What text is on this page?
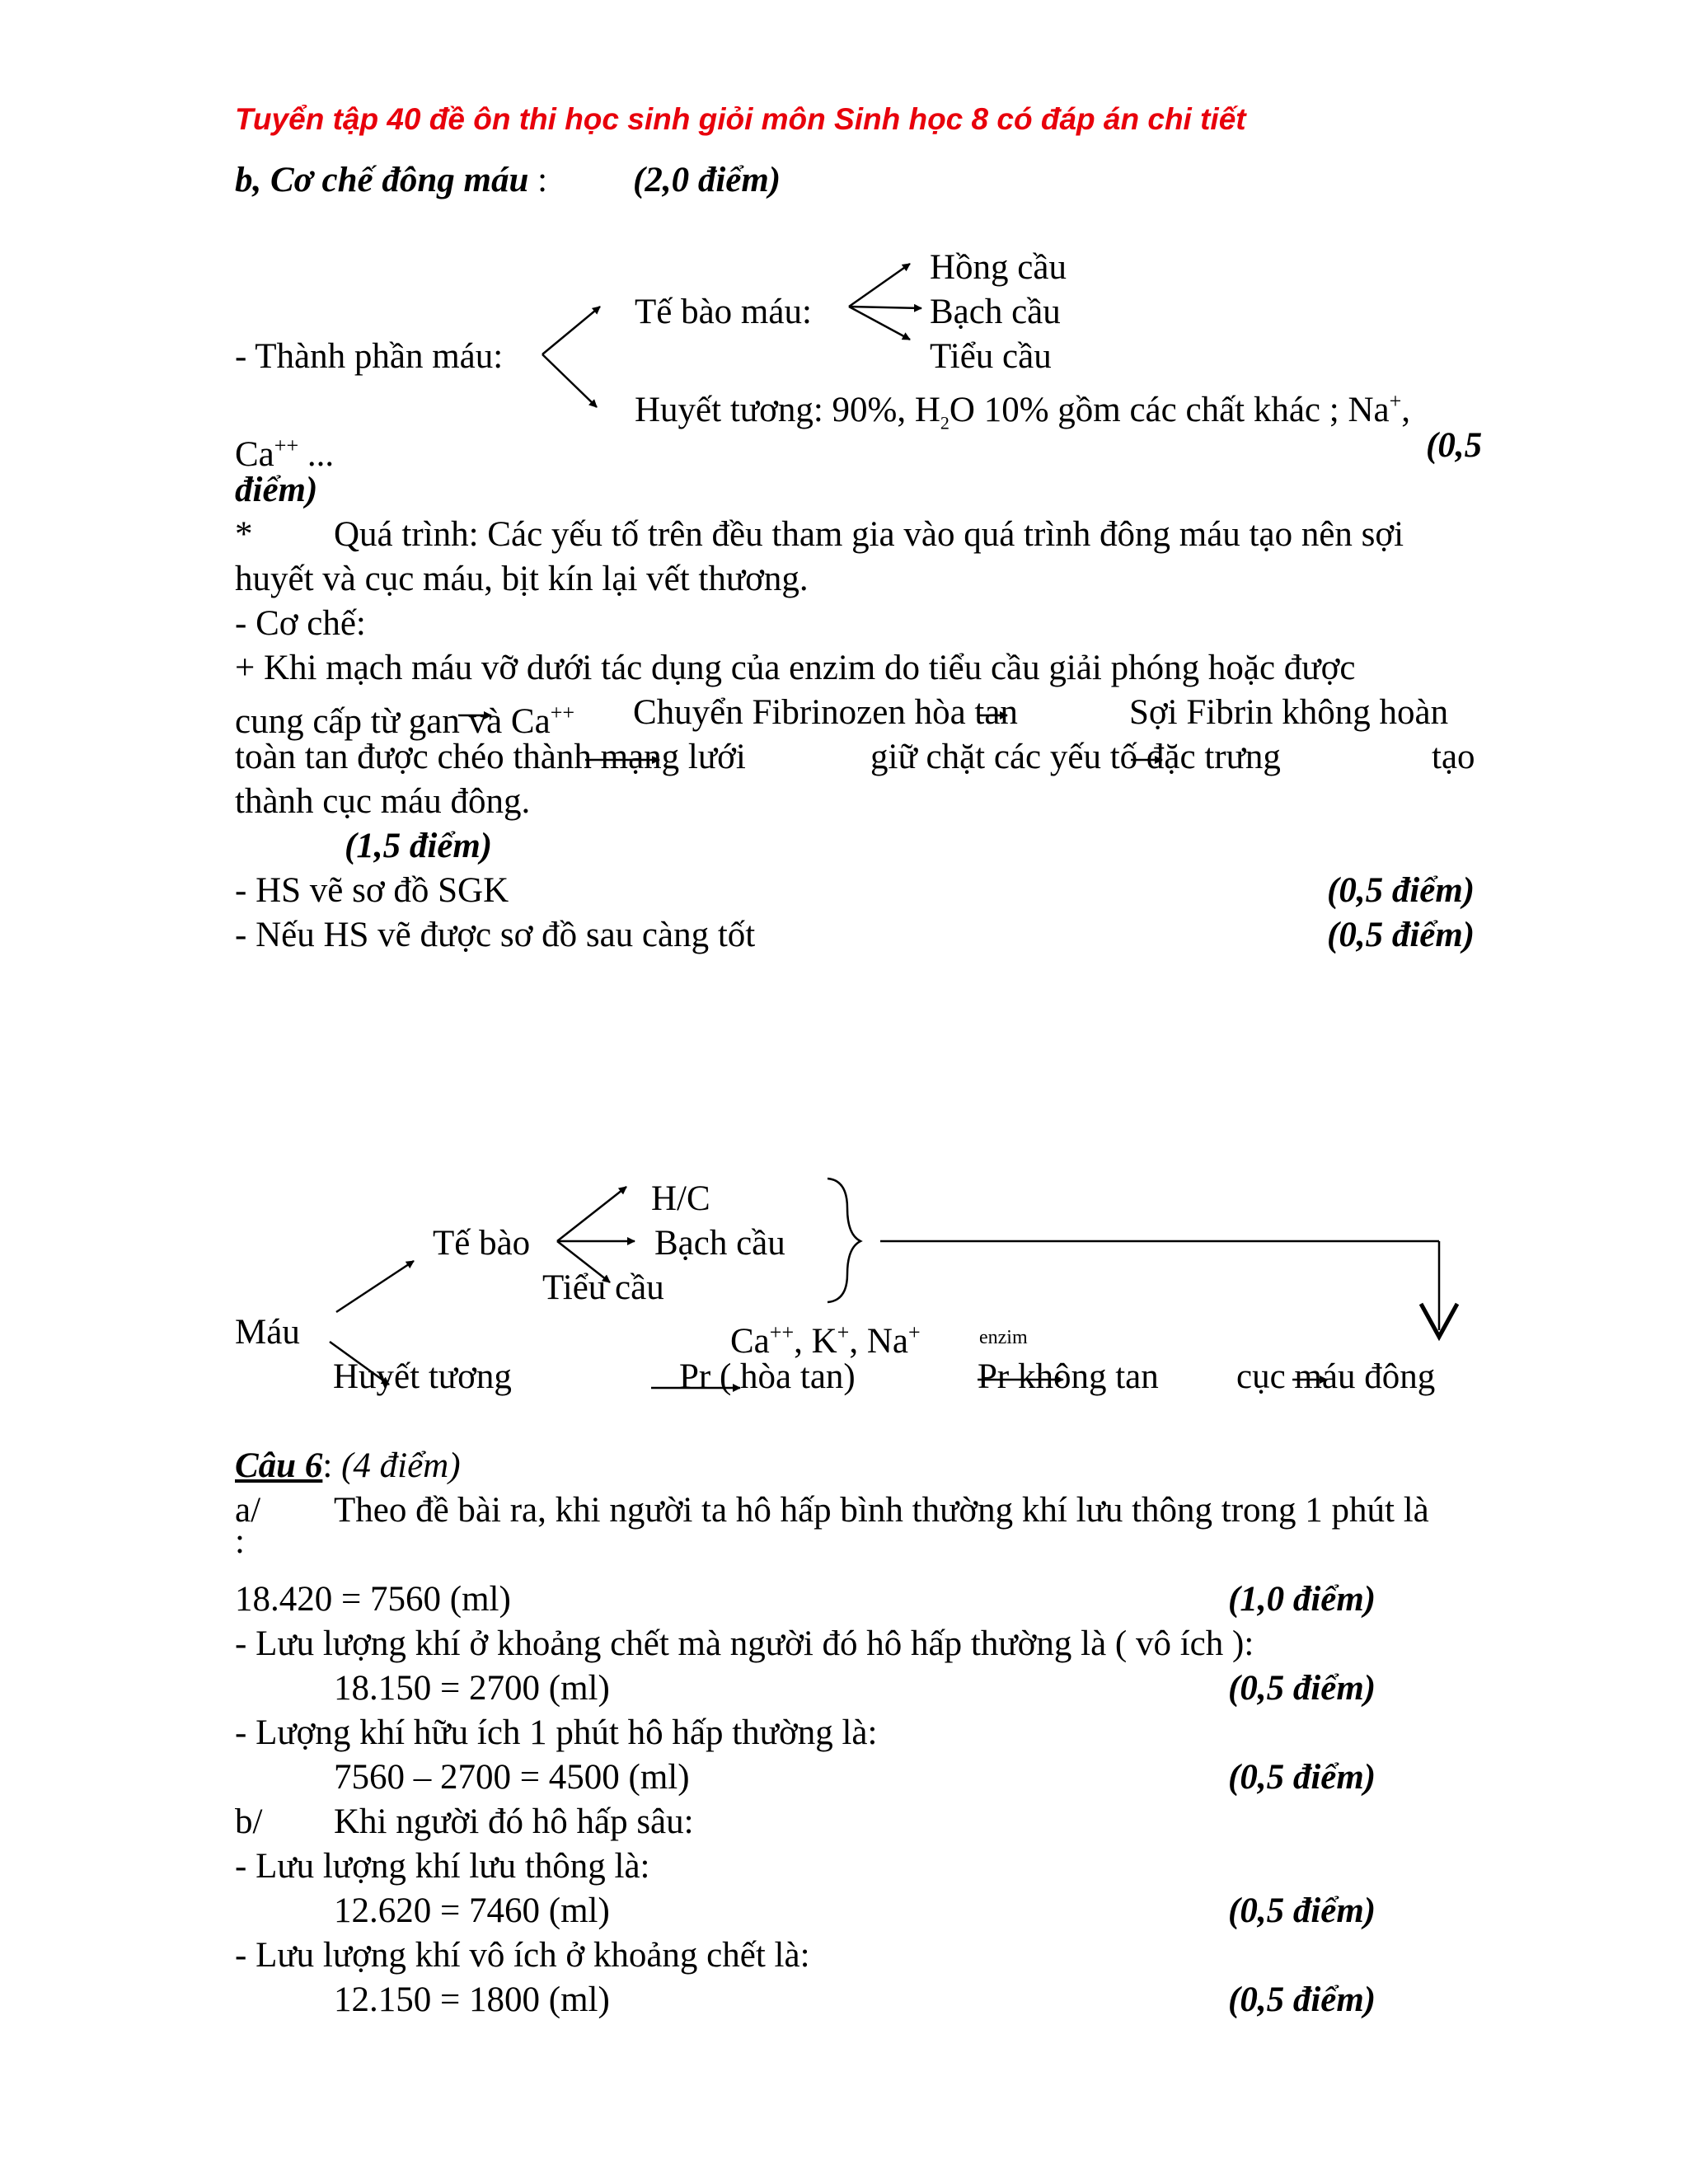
Tuyển tập 40 đề ôn thi học sinh giỏi môn Sinh học 8 có đáp án chi tiết
b, Cơ chế đông máu : (2,0 điểm)
Hồng cầu
Tế bào máu:	Bạch cầu
- Thành phần máu:	Tiểu cầu
Huyết tương: 90%, $H_2O$ 10% gồm các chất khác ; Na+,
Ca++ ...	(0,5
điểm)
* Quá trình: Các yếu tố trên đều tham gia vào quá trình đông máu tạo nên sợi
huyết và cục máu, bịt kín lại vết thương.
- Cơ chế:
+ Khi mạch máu vỡ dưới tác dụng của enzim do tiểu cầu giải phóng hoặc được
cung cấp từ gan và Ca++ Chuyển Fibrinozen hòa tan	Sợi Fibrin không hoàn
toàn tan được chéo thành mạng lưới	giữ chặt các yếu tố đặc trưng	tạo
thành cục máu đông.
(1,5 điểm)
- HS vẽ sơ đồ SGK	(0,5 điểm)
- Nếu HS vẽ được sơ đồ sau càng tốt	(0,5 điểm)
H/C
Tế bào	Bạch cầu
Tiểu cầu
Máu	Ca++, K+, Na+	enzim
Huyết tương	Pr ( hòa tan)	Pr không tan cục máu đông
Câu 6: (4 điểm)
a/ Theo đề bài ra, khi người ta hô hấp bình thường khí lưu thông trong 1 phút là
:
18.420 = 7560 (ml)	(1,0 điểm)
- Lưu lượng khí ở khoảng chết mà người đó hô hấp thường là ( vô ích ):
18.150 = 2700 (ml)	(0,5 điểm)
- Lượng khí hữu ích 1 phút hô hấp thường là:
7560 – 2700 = 4500 (ml)	(0,5 điểm)
b/ Khi người đó hô hấp sâu:
- Lưu lượng khí lưu thông là:
12.620 = 7460 (ml)	(0,5 điểm)
- Lưu lượng khí vô ích ở khoảng chết là:
12.150 = 1800 (ml)	(0,5 điểm)
